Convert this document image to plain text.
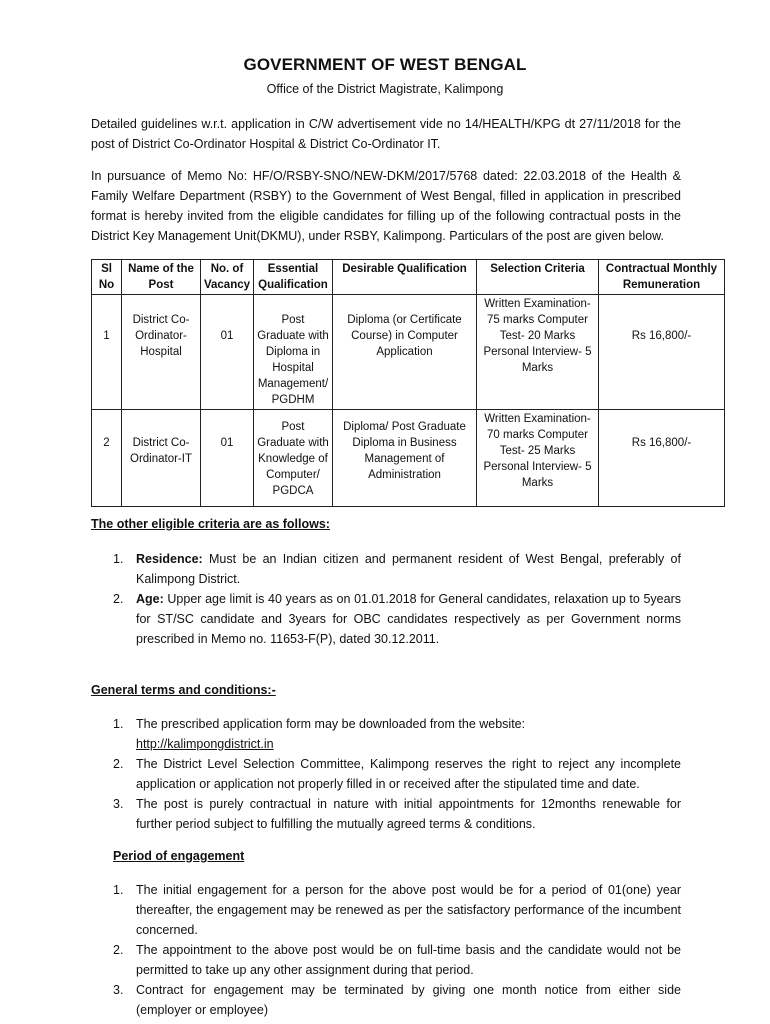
GOVERNMENT OF WEST BENGAL
Office of the District Magistrate, Kalimpong

Detailed guidelines w.r.t. application in C/W advertisement vide no 14/HEALTH/KPG dt 27/11/2018 for the post of District Co-Ordinator Hospital & District Co-Ordinator IT.

In pursuance of Memo No: HF/O/RSBY-SNO/NEW-DKM/2017/5768 dated: 22.03.2018 of the Health & Family Welfare Department (RSBY) to the Government of West Bengal, filled in application in prescribed format is hereby invited from the eligible candidates for filling up of the following contractual posts in the District Key Management Unit(DKMU), under RSBY, Kalimpong. Particulars of the post are given below.

Sl No	Name of the Post	No. of Vacancy	Essential Qualification	Desirable Qualification	Selection Criteria	Contractual Monthly Remuneration
1	District Co-Ordinator-Hospital	01	Post Graduate with Diploma in Hospital Management/ PGDHM	Diploma (or Certificate Course) in Computer Application	Written Examination-75 marks Computer Test- 20 Marks Personal Interview- 5 Marks	Rs 16,800/-
2	District Co-Ordinator-IT	01	Post Graduate with Knowledge of Computer/ PGDCA	Diploma/ Post Graduate Diploma in Business Management of Administration	Written Examination-70 marks Computer Test- 25 Marks Personal Interview- 5 Marks	Rs 16,800/-
The other eligible criteria are as follows:
1. Residence: Must be an Indian citizen and permanent resident of West Bengal, preferably of Kalimpong District.
2. Age: Upper age limit is 40 years as on 01.01.2018 for General candidates, relaxation up to 5years for ST/SC candidate and 3years for OBC candidates respectively as per Government norms prescribed in Memo no. 11653-F(P), dated 30.12.2011.
General terms and conditions:-
1. The prescribed application form may be downloaded from the website:
http://kalimpongdistrict.in
2. The District Level Selection Committee, Kalimpong reserves the right to reject any incomplete application or application not properly filled in or received after the stipulated time and date.
3. The post is purely contractual in nature with initial appointments for 12months renewable for further period subject to fulfilling the mutually agreed terms & conditions.
Period of engagement
1. The initial engagement for a person for the above post would be for a period of 01(one) year thereafter, the engagement may be renewed as per the satisfactory performance of the incumbent concerned.
2. The appointment to the above post would be on full-time basis and the candidate would not be permitted to take up any other assignment during that period.
3. Contract for engagement may be terminated by giving one month notice from either side (employer or employee)
